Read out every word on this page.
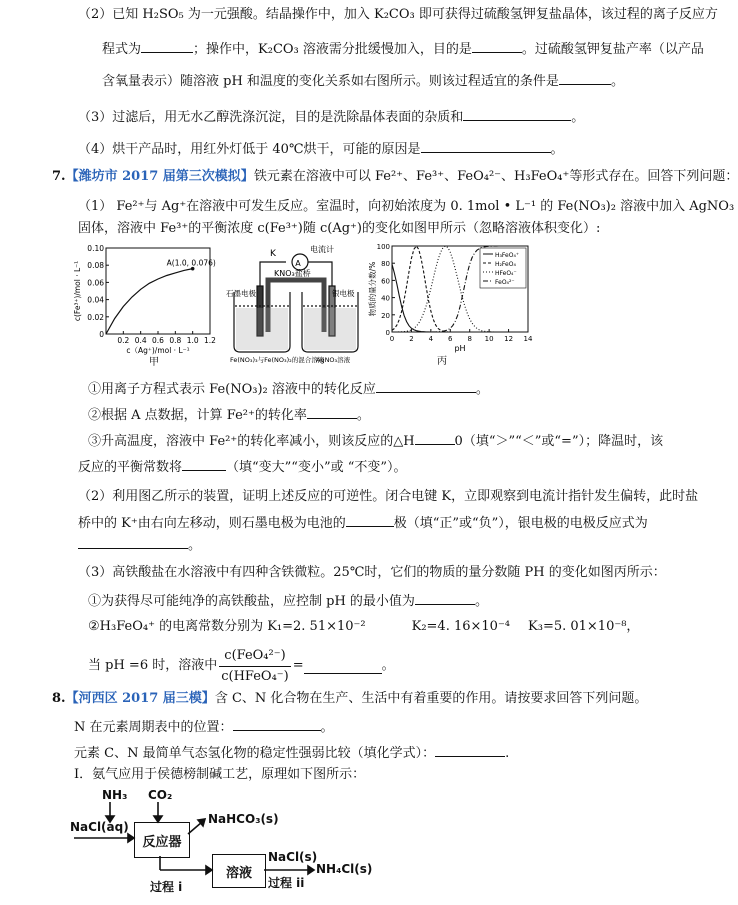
（2）已知 H₂SO₅ 为一元强酸。结晶操作中，加入 K₂CO₃ 即可获得过硫酸氢钾复盐晶体，该过程的离子反应方
程式为	；操作中，K₂CO₃ 溶液需分批缓慢加入，目的是	。过硫酸氢钾复盐产率（以产品
含氧量表示）随溶液 pH 和温度的变化关系如右图所示。则该过程适宜的条件是	。
（3）过滤后，用无水乙醇洗涤沉淀，目的是洗除晶体表面的杂质和	。
（4）烘干产品时，用红外灯低于 40℃烘干，可能的原因是	。
7.【潍坊市 2017 届第三次模拟】铁元素在溶液中可以 Fe²⁺、Fe³⁺、FeO₄²⁻、H₃FeO₄⁺等形式存在。回答下列问题：
（1） Fe²⁺与 Ag⁺在溶液中可发生反应。室温时，向初始浓度为 0. 1mol • L⁻¹ 的 Fe(NO₃)₂ 溶液中加入 AgNO₃
固体，溶液中 Fe³⁺的平衡浓度 c(Fe³⁺)随 c(Ag⁺)的变化如图甲所示（忽略溶液体积变化）:
0.10
0.08
0.06
0.04
0.02
0
0.2 0.4 0.6 0.8 1.0 1.2
A(1.0, 0.076)
c(Fe³⁺)/mol · L⁻¹
c（Ag⁺)/mol · L⁻¹
甲
A
K	电流计
KNO₃盐桥
石墨电极	银电极
Fe(NO₃)₃与Fe(NO₃)₂的混合溶液
AgNO₃溶液
100
80
60
40
20
0
0 2 4 6 8 10 12 14
H₃FeO₄⁺
H₂FeO₄
HFeO₄⁻
FeO₄²⁻
物质的量分数/%
pH
丙
①用离子方程式表示 Fe(NO₃)₂ 溶液中的转化反应	。
②根据 A 点数据，计算 Fe²⁺的转化率	。
③升高温度，溶液中 Fe²⁺的转化率减小，则该反应的△H	0（填“＞”“＜”或“=”）；降温时，该
反应的平衡常数将	（填“变大”“变小”或 “不变”）。
（2）利用图乙所示的装置，证明上述反应的可逆性。闭合电键 K，立即观察到电流计指针发生偏转，此时盐
桥中的 K⁺由右向左移动，则石墨电极为电池的	极（填“正”或“负”），银电极的电极反应式为
。
（3）高铁酸盐在水溶液中有四种含铁微粒。25℃时，它们的物质的量分数随 PH 的变化如图丙所示：
①为获得尽可能纯净的高铁酸盐，应控制 pH 的最小值为	。
②H₃FeO₄⁺ 的电离常数分别为 K₁=2. 51×10⁻²	K₂=4. 16×10⁻⁴ K₃=5. 01×10⁻⁸，
当 pH =6 时，溶液中 $\frac{\text{c(FeO₄²⁻)}}{\text{c(HFeO₄⁻)}}$ =	。
8.【河西区 2017 届三模】含 C、N 化合物在生产、生活中有着重要的作用。请按要求回答下列问题。
N 在元素周期表中的位置：	。
元素 C、N 最简单气态氢化物的稳定性强弱比较（填化学式）：	.
I．氨气应用于侯德榜制碱工艺，原理如下图所示：
NH₃ CO₂
NaCl(aq)
反应器
NaHCO₃(s)
过程 i
溶液
NaCl(s)
过程 ii
NH₄Cl(s)
